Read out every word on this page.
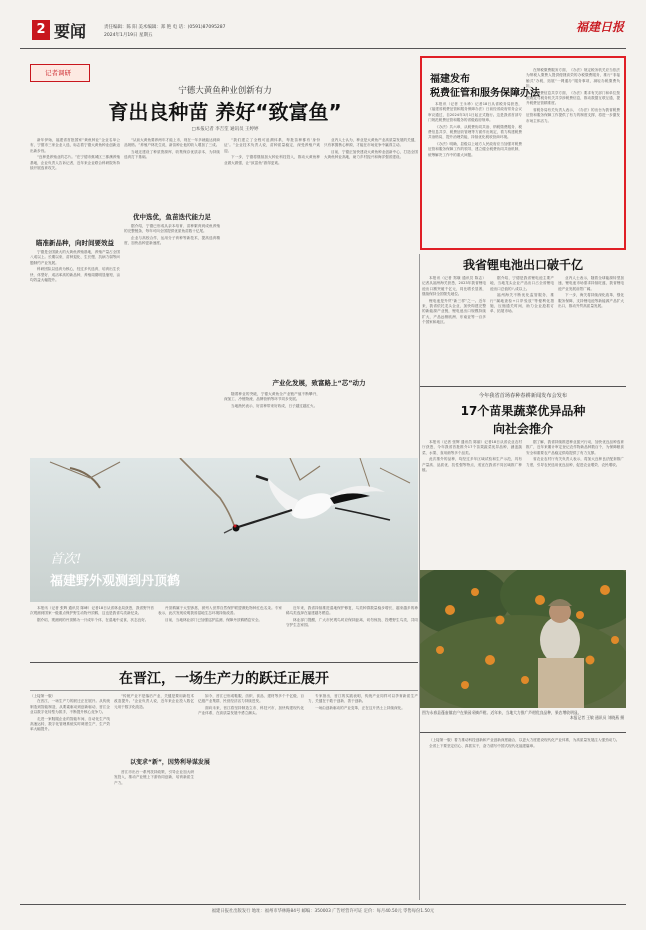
2 要闻	责任编辑：陈 阳 美术编辑：郑 艳 电 话：(0591)87095287
2024年1月19日 星期五
福建日报
记者调研
宁德大黄鱼种业创新有力
育出良种苗 养好“致富鱼”
□本报记者 李吉笙 通讯员 王婷婷

新年伊始，福建省首批国家“黄鱼种业”企业名单公布，宁德市三家企业入选，标志着宁德大黄鱼种业创新迈出新步伐。

“良种是养殖业的芯片。”在宁德市蕉城区三都澳养殖基地，企业负责人告诉记者，近年来企业联合科研院所持续开展选育攻关。

瞄准新品种，向时间要效益

宁德是全国最大的大黄鱼养殖基地，养殖产量占全国八成以上。长期以来，苗种退化、生长慢、抗病力弱等问题制约产业发展。

科研团队以选育为核心，经过多代选育，培育出生长快、体型好、成活率高的新品种，养殖周期明显缩短，亩均效益大幅提升。

“从前大黄鱼要养两年才能上市，现在一年多就能达到商品规格。”养殖户林先生说，新苗种让他的收入增加了三成。

当地还建设了种质资源库，收集保存优质亲本，为持续选育打下基础。

优中选优，鱼苗迭代能力足

据介绍，宁德已形成从亲本培育、苗种繁育到成鱼养殖的完整链条，每年可向全国提供优质鱼苗数十亿尾。

企业与高校合作，运用分子育种等新技术，提高选育精度，加快品种更新速度。

“我们建立了全程可追溯体系，每批苗种都有‘身份证’。”企业技术负责人说，苗种质量稳定，深受养殖户欢迎。

下一步，宁德将继续加大种业科技投入，推动大黄鱼种业做大做强，让“致富鱼”游得更欢。

产业化发展，致富路上“芯”动力

随着种业的突破，宁德大黄鱼全产业链产值不断攀升，深加工、冷链物流、品牌营销等环节同步发展。

当地渔民表示，好苗种带来好收成，日子越过越红火。

业内人士认为，种业是大黄鱼产业高质量发展的关键，只有掌握核心种源，才能在市场竞争中赢得主动。

目前，宁德正加快建设大黄鱼种业创新中心，打造全国大黄鱼种业高地，助力乡村振兴和海洋强省建设。

福建发布
税费征管和服务保障办法

本报讯（记者 王永珍）记者18日从省税务局获悉，《福建省税费征管和服务保障办法》日前经省政府常务会议审议通过，自2024年3月1日起正式施行。这是我省首部专门规范税费征管和服务的省级政府规章。

《办法》共六章，从税费协同共治、纳税缴费服务、税费信息共享、税费征收管理等方面作出规定，着力构建税费共治格局，提升治理效能，持续优化税收营商环境。

《办法》明确，县级以上地方人民政府应当加强对税费征管和服务保障工作的领导，建立健全税费协同共治机制，统筹解决工作中的重大问题。

在纳税缴费服务方面，《办法》规定税务机关应当依法为纳税人缴费人提供便捷高效的办税缴费服务，推行“非接触式”办税，拓展“一网通办”服务事项，减轻办税缴费负担。

在税费信息共享方面，《办法》要求有关部门和单位按照规定与税务机关共享涉税费信息，推动数据互联互通，提升税费征管精准度。

省税务局有关负责人表示，《办法》的出台为我省税费征管和服务保障工作提供了有力的制度支撑，将进一步激发市场主体活力。

我省锂电池出口破千亿

本报讯（记者 郑璜 通讯员 陈志）记者从福州海关获悉，2023年我省锂电池出口额突破千亿元，同比增长显著，继续保持全国领先地位。

锂电池是外贸“新三样”之一。近年来，我省依托龙头企业，加快构建完整的新能源产业链，锂电池出口规模持续扩大，产品远销欧洲、东南亚等一百多个国家和地区。

据介绍，宁德是我省锂电池主要产地，当地龙头企业产品出口占全省锂电池出口总值的八成以上。

福州海关不断优化监管服务，推行“属地查检+口岸验放”等便利化措施，压缩通关时间，助力企业抢抓订单、拓展市场。

业内人士表示，随着全球能源转型加速，锂电池市场需求持续旺盛，我省锂电池产业发展前景广阔。

下一步，海关将持续深化改革，强化服务保障，支持锂电池等新能源产品扩大出口，推动外贸高质量发展。

今年我省首场春种春耕新闻发布会发布
17个苗果蔬菜优异品种
向社会推介

本报讯（记者 张辉 通讯员 陈丽）记者18日从省农业农村厅获悉，今年我省首批推介17个苗果蔬菜优异品种，涵盖蔬菜、水果、食用菌等多个品类。

此次推介的品种，均经过多年区域试验和生产示范，具有产量高、品质优、抗性强等特点，适宜在我省不同区域推广种植。

据了解，我省持续推进种业振兴行动，加快优良品种选育推广，近年来累计审定登记农作物新品种数百个，为保障粮食安全和重要农产品稳定供给提供了有力支撑。

省农业农村厅有关负责人表示，将加大良种良法配套推广力度，引导农民选用优良品种，促进农业增效、农民增收。

图为永春县蓬壶镇农户在果园采摘芦柑。近年来，当地大力推广芦柑优良品种，果农增收明显。
本报记者 王敏 通讯员 刘晓燕 摄
首次!
福建野外观测到丹顶鹤

本报讯（记者 张辉 通讯员 陈峰）记者18日从省林业局获悉，我省野外首次观测到国家一级重点保护野生动物丹顶鹤，这也是我省鸟类新纪录。

据介绍，观测到的丹顶鹤为一只成年个体，在湿地中觅食，状态良好。

丹顶鹤属于大型涉禽，被列入世界自然保护联盟濒危物种红色名录。专家表示，此次发现说明我省湿地生态环境持续改善。

目前，当地林业部门已加强巡护监测，保障丹顶鹤栖息安全。

近年来，我省持续推进湿地保护修复，鸟类种群数量稳步增长，越来越多的珍稀鸟类选择在福建越冬栖息。

林业部门提醒，广大市民观鸟时应保持距离，切勿惊扰、投喂野生鸟类，共同守护生态家园。

在晋江，一场生产力的跃迁正展开
（上接第一版）

在晋江，一场生产力的跃迁正在展开。从传统制造到智能制造，从要素驱动到创新驱动，晋江企业以数字化转型为抓手，不断提升核心竞争力。

走进一家鞋服企业的智能车间，自动化生产线高速运转，数字化管理系统实时调度生产，生产效率大幅提升。

以变求“新”，因势利导谋发展

“传统产业不是落后产业，关键是要用新技术改造提升。”企业负责人说，近年来企业投入数亿元用于数字化改造。

晋江市出台一系列扶持政策，引导企业加大研发投入，推动产业链上下游协同创新，培育新质生产力。

如今，晋江已形成鞋服、纺织、食品、建材等多个千亿级、百亿级产业集群，民营经济活力持续迸发。

面向未来，晋江将坚持制造立市、科技兴市，加快构建现代化产业体系，在高质量发展中勇立潮头。

专家指出，晋江的实践表明，传统产业同样可以孕育新质生产力，关键在于敢于创新、善于创新。

一场由创新驱动的产业变革，正在这片热土上持续深化。

（上接第一版）着力推动科技创新和产业创新深度融合，以更大力度建设现代化产业体系，为高质量发展注入强劲动力。

全省上下要坚定信心、真抓实干，奋力谱写中国式现代化福建篇章。

福建日报社出版发行 地址：福州市华林路84号 邮编：350003 广告经营许可证 定价：每月40.50元 零售每份1.50元
